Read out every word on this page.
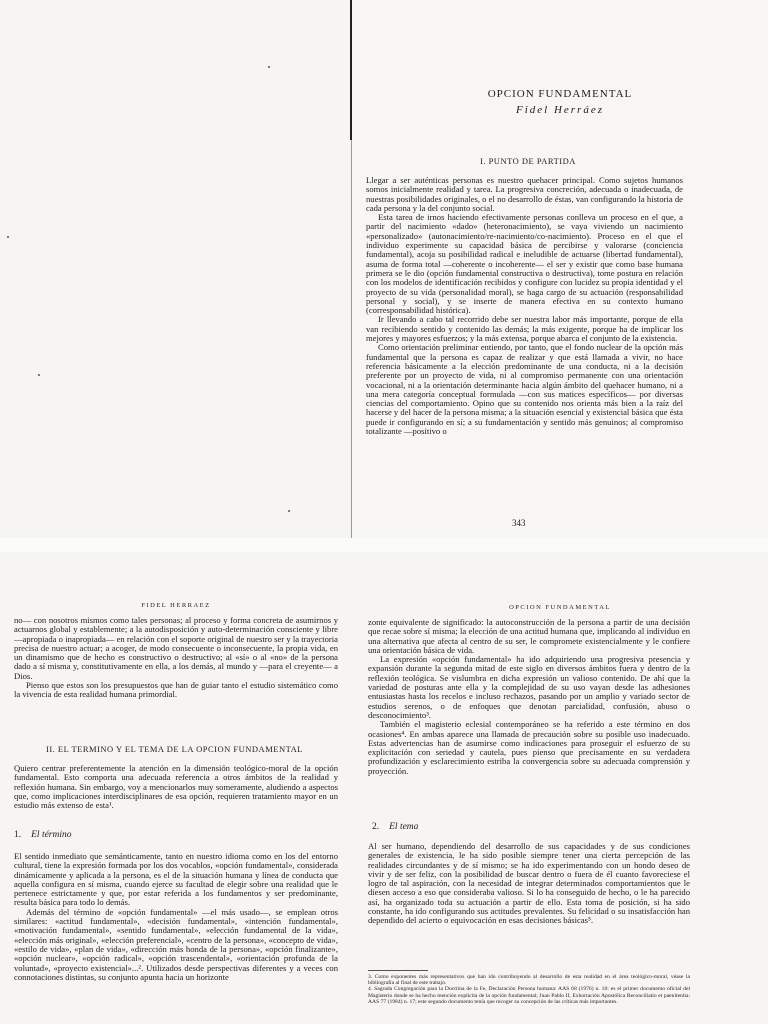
OPCION FUNDAMENTAL
Fidel Herráez
I. PUNTO DE PARTIDA

Llegar a ser auténticas personas es nuestro quehacer principal. Como sujetos humanos somos inicialmente realidad y tarea. La progresiva concreción, adecuada o inadecuada, de nuestras posibilidades originales, o el no desarrollo de éstas, van configurando la historia de cada persona y la del conjunto social.

Esta tarea de irnos haciendo efectivamente personas conlleva un proceso en el que, a partir del nacimiento «dado» (heteronacimiento), se vaya viviendo un nacimiento «personalizado» (autonacimiento/re-nacimiento/co-nacimiento). Proceso en el que el individuo experimente su capacidad básica de percibirse y valorarse (conciencia fundamental), acoja su posibilidad radical e ineludible de actuarse (libertad fundamental), asuma de forma total —coherente o incoherente— el ser y existir que como base humana primera se le dio (opción fundamental constructiva o destructiva), tome postura en relación con los modelos de identificación recibidos y configure con lucidez su propia identidad y el proyecto de su vida (personalidad moral), se haga cargo de su actuación (responsabilidad personal y social), y se inserte de manera efectiva en su contexto humano (corresponsabilidad histórica).

Ir llevando a cabo tal recorrido debe ser nuestra labor más importante, porque de ella van recibiendo sentido y contenido las demás; la más exigente, porque ha de implicar los mejores y mayores esfuerzos; y la más extensa, porque abarca el conjunto de la existencia.

Como orientación preliminar entiendo, por tanto, que el fondo nuclear de la opción más fundamental que la persona es capaz de realizar y que está llamada a vivir, no hace referencia básicamente a la elección predominante de una conducta, ni a la decisión preferente por un proyecto de vida, ni al compromiso permanente con una orientación vocacional, ni a la orientación determinante hacia algún ámbito del quehacer humano, ni a una mera categoría conceptual formulada —con sus matices específicos— por diversas ciencias del comportamiento. Opino que su contenido nos orienta más bien a la raíz del hacerse y del hacer de la persona misma; a la situación esencial y existencial básica que ésta puede ir configurando en sí; a su fundamentación y sentido más genuinos; al compromiso totalizante —positivo o

343
FIDEL HERRAEZ

no— con nosotros mismos como tales personas; al proceso y forma concreta de asumirnos y actuarnos global y establemente; a la autodisposición y auto-determinación consciente y libre —apropiada o inapropiada— en relación con el soporte original de nuestro ser y la trayectoria precisa de nuestro actuar; a acoger, de modo consecuente o inconsecuente, la propia vida, en un dinamismo que de hecho es constructivo o destructivo; al «sí» o al «no» de la persona dado a sí misma y, constitutivamente en ella, a los demás, al mundo y —para el creyente— a Dios.

Pienso que estos son los presupuestos que han de guiar tanto el estudio sistemático como la vivencia de esta realidad humana primordial.

II. EL TERMINO Y EL TEMA DE LA OPCION FUNDAMENTAL

Quiero centrar preferentemente la atención en la dimensión teológico-moral de la opción fundamental. Esto comporta una adecuada referencia a otros ámbitos de la realidad y reflexión humana. Sin embargo, voy a mencionarlos muy someramente, aludiendo a aspectos que, como implicaciones interdisciplinares de esa opción, requieren tratamiento mayor en un estudio más extenso de esta¹.

1. El término

El sentido inmediato que semánticamente, tanto en nuestro idioma como en los del entorno cultural, tiene la expresión formada por los dos vocablos, «opción fundamental», considerada dinámicamente y aplicada a la persona, es el de la situación humana y línea de conducta que aquella configura en sí misma, cuando ejerce su facultad de elegir sobre una realidad que le pertenece estrictamente y que, por estar referida a los fundamentos y ser predominante, resulta básica para todo lo demás.

Además del término de «opción fundamental» —el más usado—, se emplean otros similares: «actitud fundamental», «decisión fundamental», «intención fundamental», «motivación fundamental», «sentido fundamental», «elección fundamental de la vida», «elección más original», «elección preferencial», «centro de la persona», «concepto de vida», «estilo de vida», «plan de vida», «dirección más honda de la persona», «opción finalizante», «opción nuclear», «opción radical», «opción trascendental», «orientación profunda de la voluntad», «proyecto existencial»...². Utilizados desde perspectivas diferentes y a veces con connotaciones distintas, su conjunto apunta hacia un horizonte

OPCION FUNDAMENTAL

zonte equivalente de significado: la autoconstrucción de la persona a partir de una decisión que recae sobre sí misma; la elección de una actitud humana que, implicando al individuo en una alternativa que afecta al centro de su ser, le compromete existencialmente y le confiere una orientación básica de vida.

La expresión «opción fundamental» ha ido adquiriendo una progresiva presencia y expansión durante la segunda mitad de este siglo en diversos ámbitos fuera y dentro de la reflexión teológica. Se vislumbra en dicha expresión un valioso contenido. De ahí que la variedad de posturas ante ella y la complejidad de su uso vayan desde las adhesiones entusiastas hasta los recelos e incluso rechazos, pasando por un amplio y variado sector de estudios serenos, o de enfoques que denotan parcialidad, confusión, abuso o desconocimiento³.

También el magisterio eclesial contemporáneo se ha referido a este término en dos ocasiones⁴. En ambas aparece una llamada de precaución sobre su posible uso inadecuado. Estas advertencias han de asumirse como indicaciones para proseguir el esfuerzo de su explicitación con seriedad y cautela, pues pienso que precisamente en su verdadera profundización y esclarecimiento estriba la convergencia sobre su adecuada comprensión y proyección.

2. El tema

Al ser humano, dependiendo del desarrollo de sus capacidades y de sus condiciones generales de existencia, le ha sido posible siempre tener una cierta percepción de las realidades circundantes y de sí mismo; se ha ido experimentando con un hondo deseo de vivir y de ser feliz, con la posibilidad de buscar dentro o fuera de él cuanto favoreciese el logro de tal aspiración, con la necesidad de integrar determinados comportamientos que le diesen acceso a eso que consideraba valioso. Si lo ha conseguido de hecho, o le ha parecido así, ha organizado toda su actuación a partir de ello. Esta toma de posición, si ha sido constante, ha ido configurando sus actitudes prevalentes. Su felicidad o su insatisfacción han dependido del acierto o equivocación en esas decisiones básicas⁵.

3. Como exponentes más representativos que han ido contribuyendo al desarrollo de esta realidad en el área teológico-moral, véase la bibliografía al final de este trabajo.
4. Sagrada Congregación para la Doctrina de la Fe, Declaración Persona humana: AAS 68 (1976) n. 10: es el primer documento oficial del Magisterio donde se ha hecho mención explícita de la opción fundamental; Juan Pablo II, Exhortación Apostólica Reconciliatio et paenitentia: AAS 77 (1984) n. 17; este segundo documento tenía que recoger su concepción de las críticas más importantes.
